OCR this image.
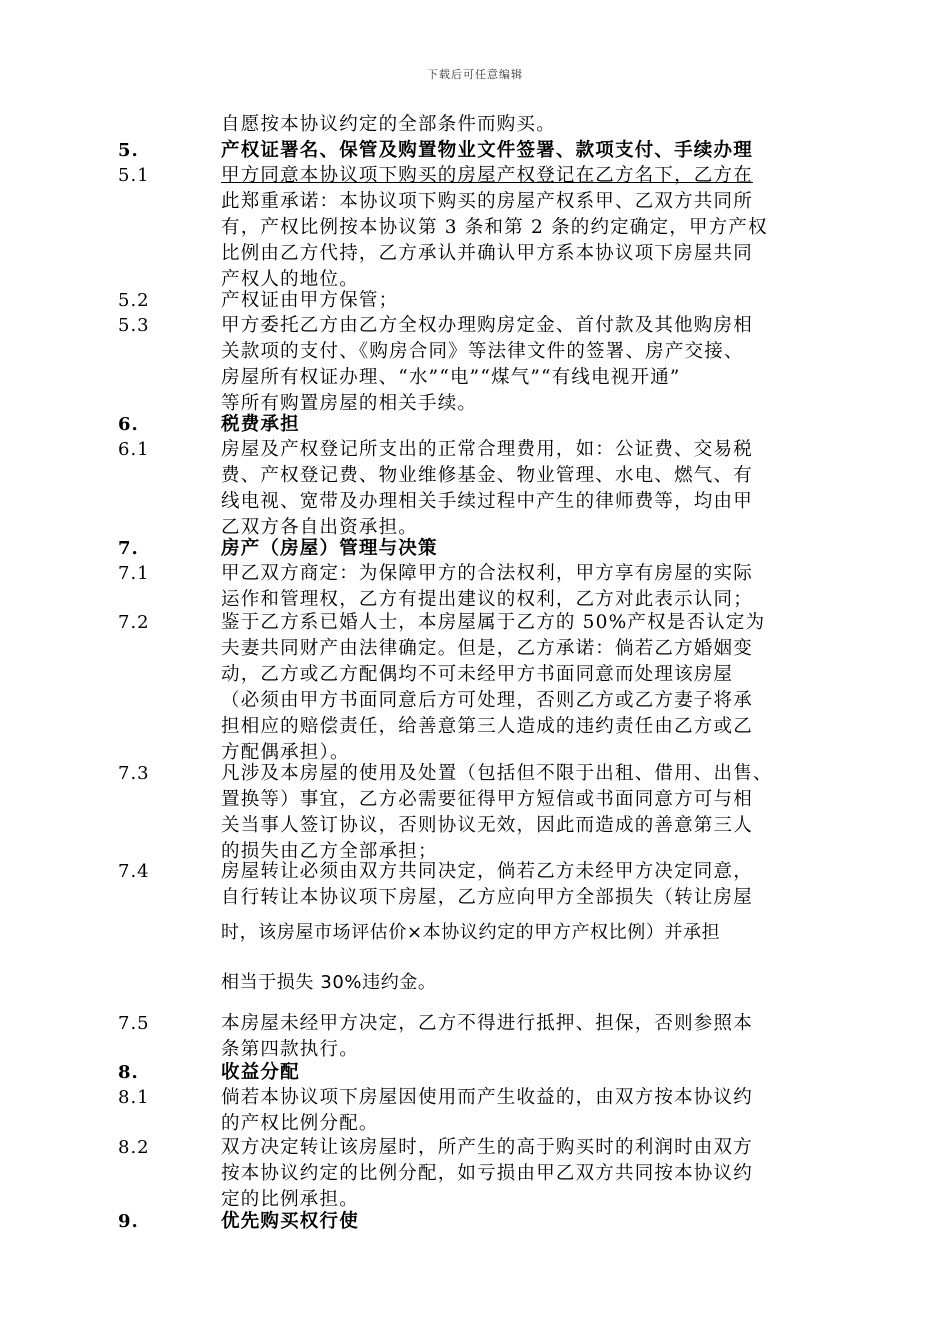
下载后可任意编辑
自愿按本协议约定的全部条件而购买。
5.	产权证署名、保管及购置物业文件签署、款项支付、手续办理
5.1	甲方同意本协议项下购买的房屋产权登记在乙方名下，乙方在
此郑重承诺：本协议项下购买的房屋产权系甲、乙双方共同所
有，产权比例按本协议第 3 条和第 2 条的约定确定，甲方产权
比例由乙方代持，乙方承认并确认甲方系本协议项下房屋共同
产权人的地位。
5.2	产权证由甲方保管；
5.3	甲方委托乙方由乙方全权办理购房定金、首付款及其他购房相
关款项的支付、《购房合同》等法律文件的签署、房产交接、
房屋所有权证办理、“水”“电”“煤气”“有线电视开通”
等所有购置房屋的相关手续。
6.	税费承担
6.1	房屋及产权登记所支出的正常合理费用，如：公证费、交易税
费、产权登记费、物业维修基金、物业管理、水电、燃气、有
线电视、宽带及办理相关手续过程中产生的律师费等，均由甲
乙双方各自出资承担。
7.	房产（房屋）管理与决策
7.1	甲乙双方商定：为保障甲方的合法权利，甲方享有房屋的实际
运作和管理权，乙方有提出建议的权利，乙方对此表示认同；
7.2	鉴于乙方系已婚人士，本房屋属于乙方的 50%产权是否认定为
夫妻共同财产由法律确定。但是，乙方承诺：倘若乙方婚姻变
动，乙方或乙方配偶均不可未经甲方书面同意而处理该房屋
（必须由甲方书面同意后方可处理，否则乙方或乙方妻子将承
担相应的赔偿责任，给善意第三人造成的违约责任由乙方或乙
方配偶承担）。
7.3	凡涉及本房屋的使用及处置（包括但不限于出租、借用、出售、
置换等）事宜，乙方必需要征得甲方短信或书面同意方可与相
关当事人签订协议，否则协议无效，因此而造成的善意第三人
的损失由乙方全部承担；
7.4	房屋转让必须由双方共同决定，倘若乙方未经甲方决定同意，
自行转让本协议项下房屋，乙方应向甲方全部损失（转让房屋
时，该房屋市场评估价×本协议约定的甲方产权比例）并承担
相当于损失 30%违约金。
7.5	本房屋未经甲方决定，乙方不得进行抵押、担保，否则参照本
条第四款执行。
8.	收益分配
8.1	倘若本协议项下房屋因使用而产生收益的，由双方按本协议约
的产权比例分配。
8.2	双方决定转让该房屋时，所产生的高于购买时的利润时由双方
按本协议约定的比例分配，如亏损由甲乙双方共同按本协议约
定的比例承担。
9.	优先购买权行使
